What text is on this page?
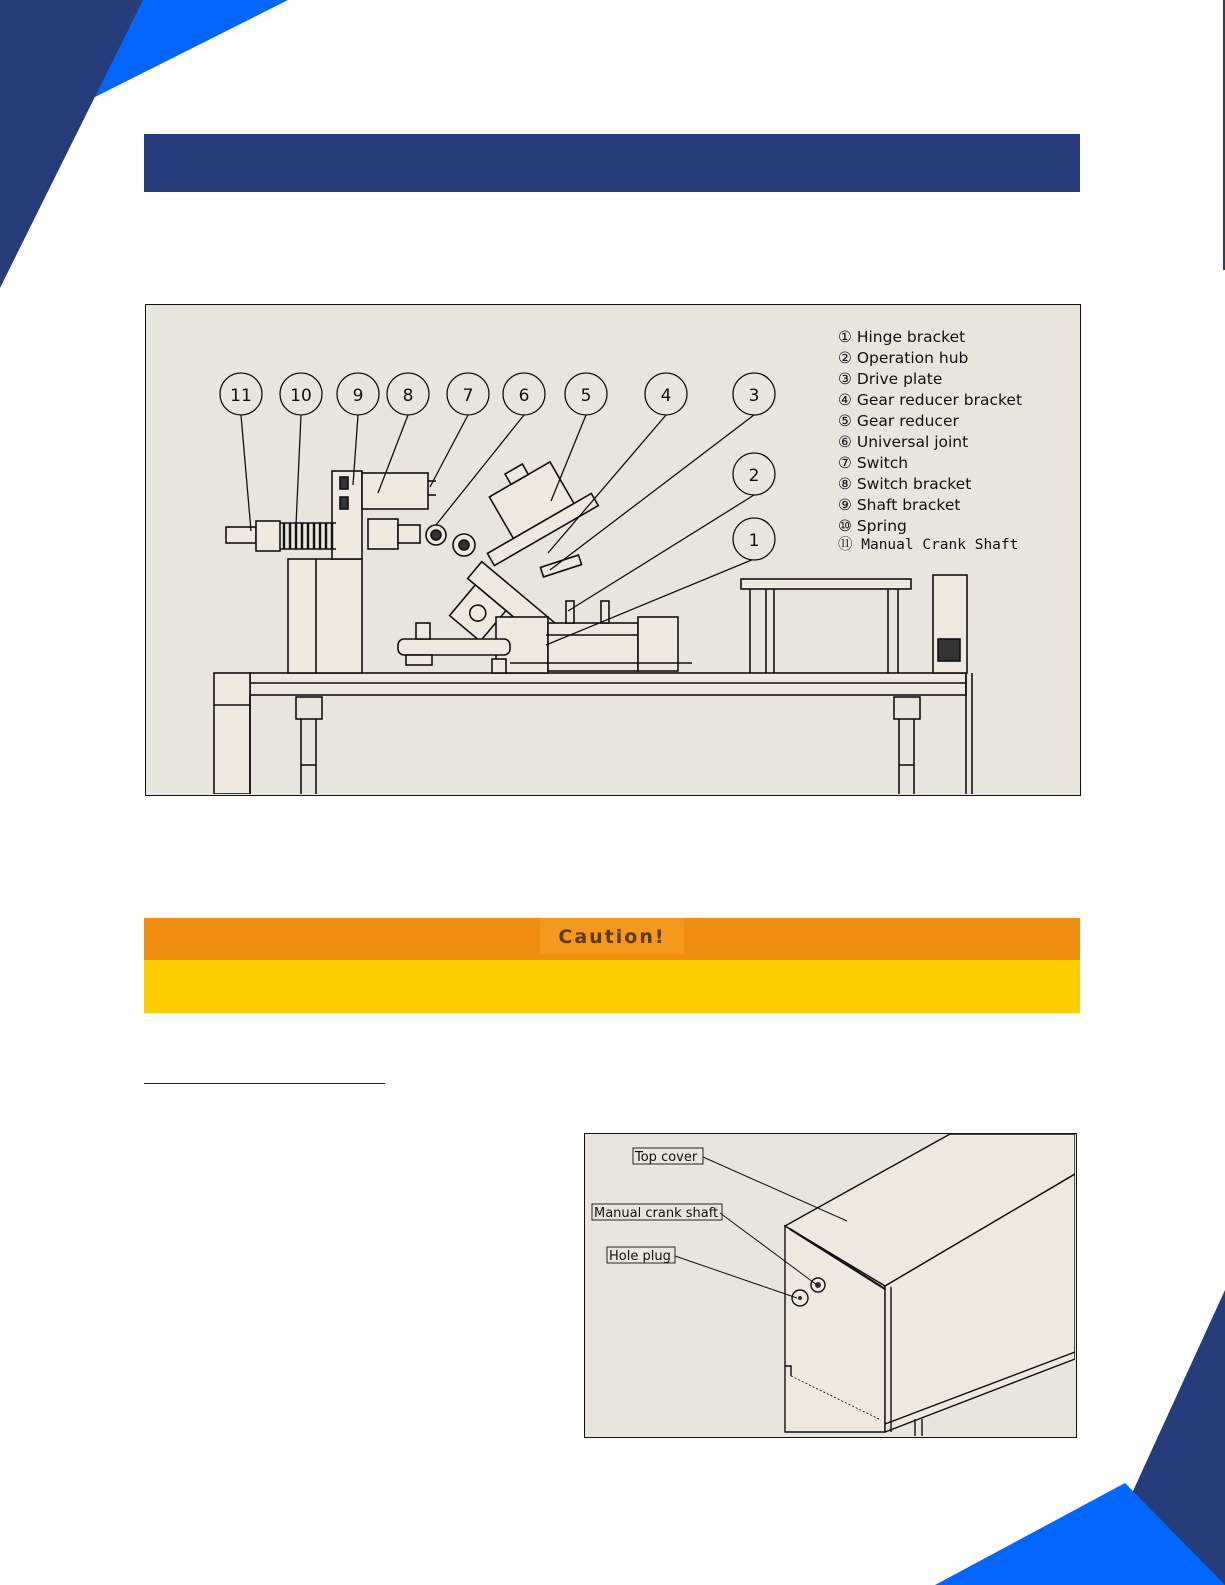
11 10 9 8	7	6	5	4	3
2
1
① Hinge bracket
② Operation hub
③ Drive plate
④ Gear reducer bracket
⑤ Gear reducer
⑥ Universal joint
⑦ Switch
⑧ Switch bracket
⑨ Shaft bracket
⑩ Spring
⑪ Manual Crank Shaft
Caution!
Top cover
Manual crank shaft
Hole plug
